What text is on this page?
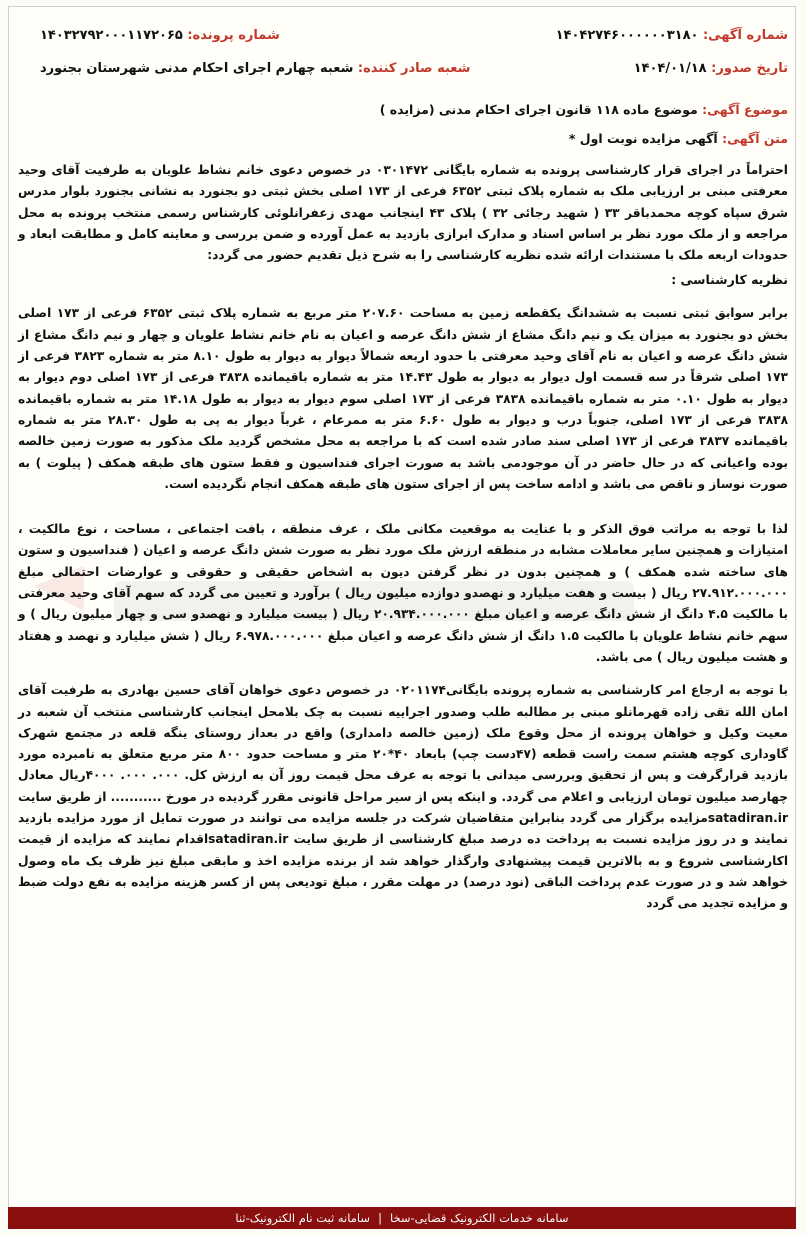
شماره آگهی: ۱۴۰۴۲۷۴۶۰۰۰۰۰۰۳۱۸۰
شماره پرونده: ۱۴۰۳۲۷۹۲۰۰۰۱۱۷۲۰۶۵
تاریخ صدور: ۱۴۰۴/۰۱/۱۸
شعبه صادر کننده: شعبه چهارم اجرای احکام مدنی شهرستان بجنورد
موضوع آگهی: موضوع ماده ۱۱۸ قانون اجرای احکام مدنی (مزایده )
متن آگهی: آگهی مزایده نوبت اول *

احتراماً در اجرای قرار کارشناسی پرونده به شماره بایگانی ۰۳۰۱۴۷۲ در خصوص دعوی خانم نشاط علویان به طرفیت آقای وحید معرفتی مبنی بر ارزیابی ملک به شماره پلاک ثبتی ۶۳۵۲ فرعی از ۱۷۳ اصلی بخش ثبتی دو بجنورد به نشانی بجنورد بلوار مدرس شرق سپاه کوچه محمدباقر ۳۳ ( شهید رجائی ۳۲ ) پلاک ۴۳ اینجانب مهدی زعفرانلوئی کارشناس رسمی منتخب پرونده به محل مراجعه و از ملک مورد نظر بر اساس اسناد و مدارک ابرازی بازدید به عمل آورده و ضمن بررسی و معاینه کامل و مطابقت ابعاد و حدودات اربعه ملک با مستندات ارائه شده نظریه کارشناسی را به شرح ذیل تقدیم حضور می گردد:

نظریه کارشناسی :

برابر سوابق ثبتی نسبت به ششدانگ یکقطعه زمین به مساحت ۲۰۷.۶۰ متر مربع به شماره پلاک ثبتی ۶۳۵۲ فرعی از ۱۷۳ اصلی بخش دو بجنورد به میزان یک و نیم دانگ مشاع از شش دانگ عرصه و اعیان به نام خانم نشاط علویان و چهار و نیم دانگ مشاع از شش دانگ عرصه و اعیان به نام آقای وحید معرفتی با حدود اربعه شمالاً دیوار به دیوار به طول ۸.۱۰ متر به شماره ۳۸۲۳ فرعی از ۱۷۳ اصلی شرقاً در سه قسمت اول دیوار به دیوار به طول ۱۴.۴۳ متر به شماره باقیمانده ۳۸۳۸ فرعی از ۱۷۳ اصلی دوم دیوار به دیوار به طول ۰.۱۰ متر به شماره باقیمانده ۳۸۳۸ فرعی از ۱۷۳ اصلی سوم دیوار به دیوار به طول ۱۴.۱۸ متر به شماره باقیمانده ۳۸۳۸ فرعی از ۱۷۳ اصلی، جنوباً درب و دیوار به طول ۶.۶۰ متر به ممرعام ، غرباً دیوار به پی به طول ۲۸.۳۰ متر به شماره باقیمانده ۳۸۳۷ فرعی از ۱۷۳ اصلی سند صادر شده است که با مراجعه به محل مشخص گردید ملک مذکور به صورت زمین خالصه بوده واعیانی که در حال حاضر در آن موجودمی باشد به صورت اجرای فنداسیون و فقط ستون های طبقه همکف ( پیلوت ) به صورت نوساز و ناقص می باشد و ادامه ساخت پس از اجرای ستون های طبقه همکف انجام نگردیده است.

لذا با توجه به مراتب فوق الذکر و با عنایت به موقعیت مکانی ملک ، عرف منطقه ، بافت اجتماعی ، مساحت ، نوع مالکیت ، امتیازات و همچنین سایر معاملات مشابه در منطقه ارزش ملک مورد نظر به صورت شش دانگ عرصه و اعیان ( فنداسیون و ستون های ساخته شده همکف ) و همچنین بدون در نظر گرفتن دیون به اشخاص حقیقی و حقوقی و عوارضات احتمالی مبلغ ۲۷.۹۱۲.۰۰۰.۰۰۰ ریال ( بیست و هفت میلیارد و نهصدو دوازده میلیون ریال ) برآورد و تعیین می گردد که سهم آقای وحید معرفتی با مالکیت ۴.۵ دانگ از شش دانگ عرصه و اعیان مبلغ ۲۰.۹۳۴.۰۰۰.۰۰۰ ریال ( بیست میلیارد و نهصدو سی و چهار میلیون ریال ) و سهم خانم نشاط علویان با مالکیت ۱.۵ دانگ از شش دانگ عرصه و اعیان مبلغ ۶.۹۷۸.۰۰۰.۰۰۰ ریال ( شش میلیارد و نهصد و هفتاد و هشت میلیون ریال ) می باشد.

با توجه به ارجاع امر کارشناسی به شماره پرونده بایگانی۰۲۰۱۱۷۴ در خصوص دعوی خواهان آقای حسین بهادری به طرفیت آقای امان الله تقی زاده قهرمانلو مبنی بر مطالبه طلب وصدور اجراییه نسبت به چک بلامحل اینجانب کارشناسی منتخب آن شعبه در معیت وکیل و خواهان پرونده از محل وقوع ملک (زمین خالصه دامداری) واقع در بعداز روستای ینگه قلعه در مجتمع شهرک گاوداری کوچه هشتم سمت راست قطعه (۴۷دست چپ) بابعاد ۴۰*۲۰ متر و مساحت حدود ۸۰۰ متر مربع متعلق به نامبرده مورد بازدید قرارگرفت و پس از تحقیق وبررسی میدانی با توجه به عرف محل قیمت روز آن به ارزش کل. ۰۰۰. ۰۰۰. ۴۰۰۰ریال معادل چهارصد میلیون تومان ارزیابی و اعلام می گردد. و اینکه پس از سیر مراحل قانونی مقرر گردیده در مورخ ........... از طریق سایت satadiran.irمزایده برگزار می گردد بنابراین متقاضیان شرکت در جلسه مزایده می توانند در صورت تمایل از مورد مزایده بازدید نمایند و در روز مزایده نسبت به پرداخت ده درصد مبلغ کارشناسی از طریق سایت satadiran.irاقدام نمایند که مزایده از قیمت اکارشناسی شروع و به بالاترین قیمت پیشنهادی وارگذار خواهد شد از برنده مزایده اخذ و مابقی مبلغ نیز ظرف یک ماه وصول خواهد شد و در صورت عدم پرداخت الباقی (نود درصد) در مهلت مقرر ، مبلغ تودیعی پس از کسر هزینه مزایده به نفع دولت ضبط و مزایده تجدید می گردد

سامانه خدمات الکترونیک قضایی-سخا
|
سامانه ثبت نام الکترونیک-ثنا
